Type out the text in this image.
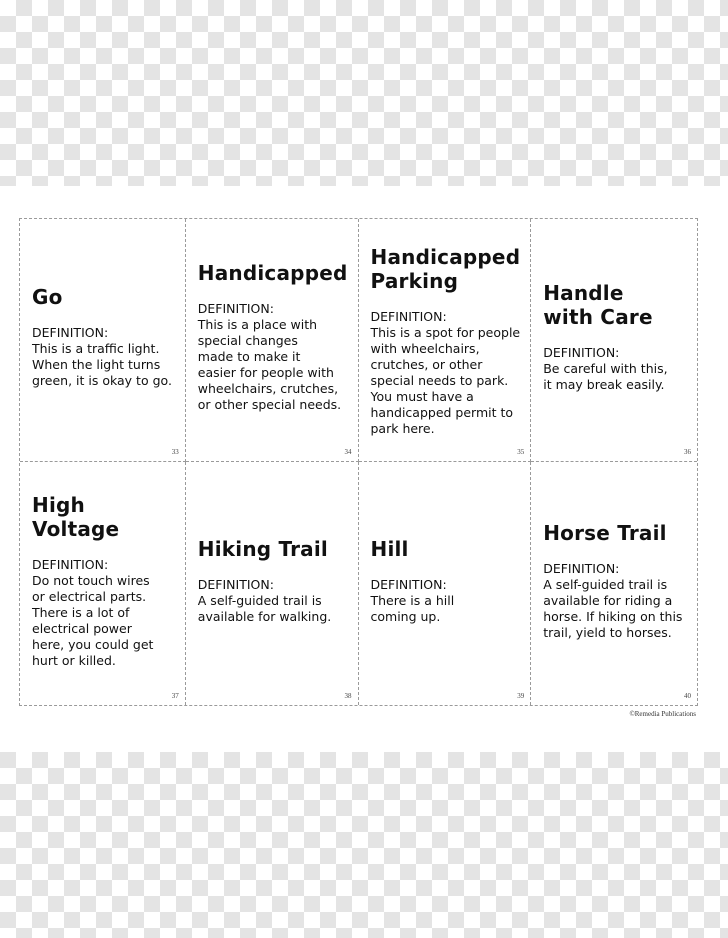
Go
DEFINITION:
This is a traffic light.
When the light turns
green, it is okay to go.
33
Handicapped
DEFINITION:
This is a place with
special changes
made to make it
easier for people with
wheelchairs, crutches,
or other special needs.
34
Handicapped
Parking
DEFINITION:
This is a spot for people
with wheelchairs,
crutches, or other
special needs to park.
You must have a
handicapped permit to
park here.
35
Handle
with Care
DEFINITION:
Be careful with this,
it may break easily.
36
High Voltage
DEFINITION:
Do not touch wires
or electrical parts.
There is a lot of
electrical power
here, you could get
hurt or killed.
37
Hiking Trail
DEFINITION:
A self-guided trail is
available for walking.
38
Hill
DEFINITION:
There is a hill
coming up.
39
Horse Trail
DEFINITION:
A self-guided trail is
available for riding a
horse. If hiking on this
trail, yield to horses.
40
©Remedia Publications
